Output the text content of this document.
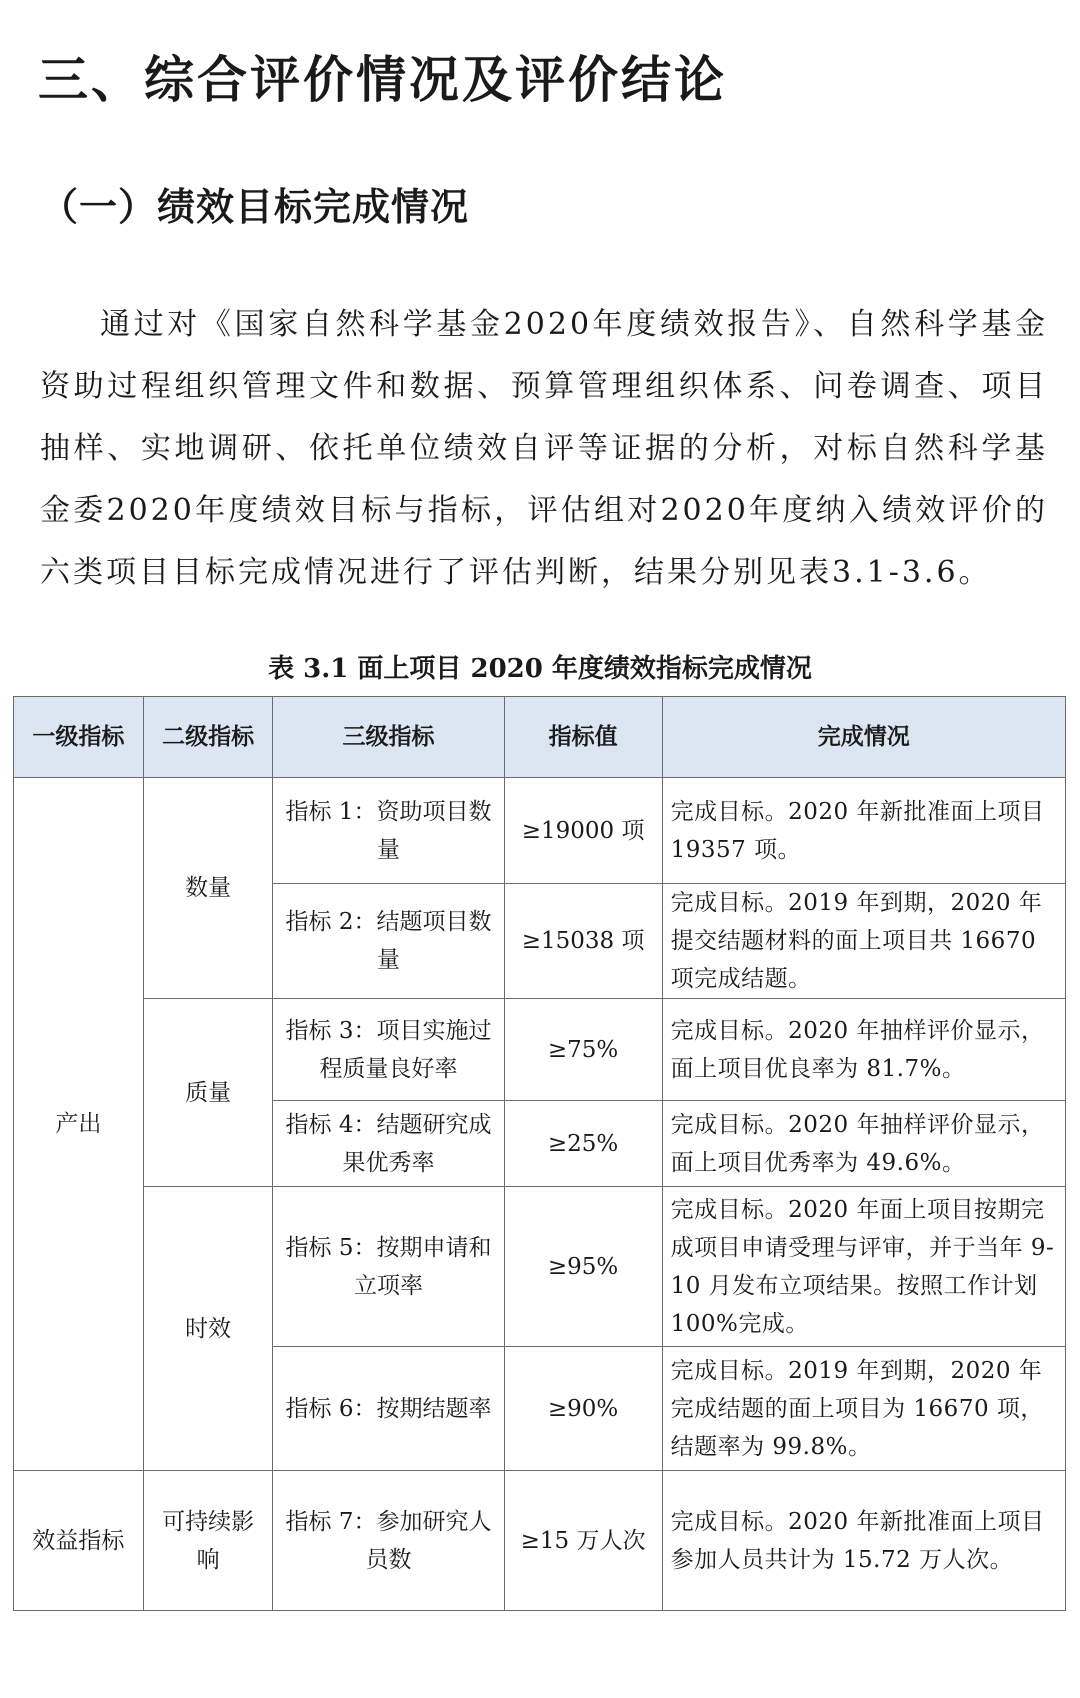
三、综合评价情况及评价结论
（一）绩效目标完成情况

通过对《国家自然科学基金2020年度绩效报告》、自然科学基金资助过程组织管理文件和数据、预算管理组织体系、问卷调查、项目抽样、实地调研、依托单位绩效自评等证据的分析，对标自然科学基金委2020年度绩效目标与指标，评估组对2020年度纳入绩效评价的六类项目目标完成情况进行了评估判断，结果分别见表3.1-3.6。

表 3.1 面上项目 2020 年度绩效指标完成情况

一级指标	二级指标	三级指标	指标值	完成情况
产出	数量	指标 1：资助项目数量	≥19000 项	完成目标。2020 年新批准面上项目 19357 项。
		指标 2：结题项目数量	≥15038 项	完成目标。2019 年到期，2020 年提交结题材料的面上项目共 16670 项完成结题。
	质量	指标 3：项目实施过程质量良好率	≥75%	完成目标。2020 年抽样评价显示，面上项目优良率为 81.7%。
		指标 4：结题研究成果优秀率	≥25%	完成目标。2020 年抽样评价显示，面上项目优秀率为 49.6%。
	时效	指标 5：按期申请和立项率	≥95%	完成目标。2020 年面上项目按期完成项目申请受理与评审，并于当年 9-10 月发布立项结果。按照工作计划 100%完成。
		指标 6：按期结题率	≥90%	完成目标。2019 年到期，2020 年完成结题的面上项目为 16670 项，结题率为 99.8%。
效益指标	可持续影响	指标 7：参加研究人员数	≥15 万人次	完成目标。2020 年新批准面上项目参加人员共计为 15.72 万人次。
